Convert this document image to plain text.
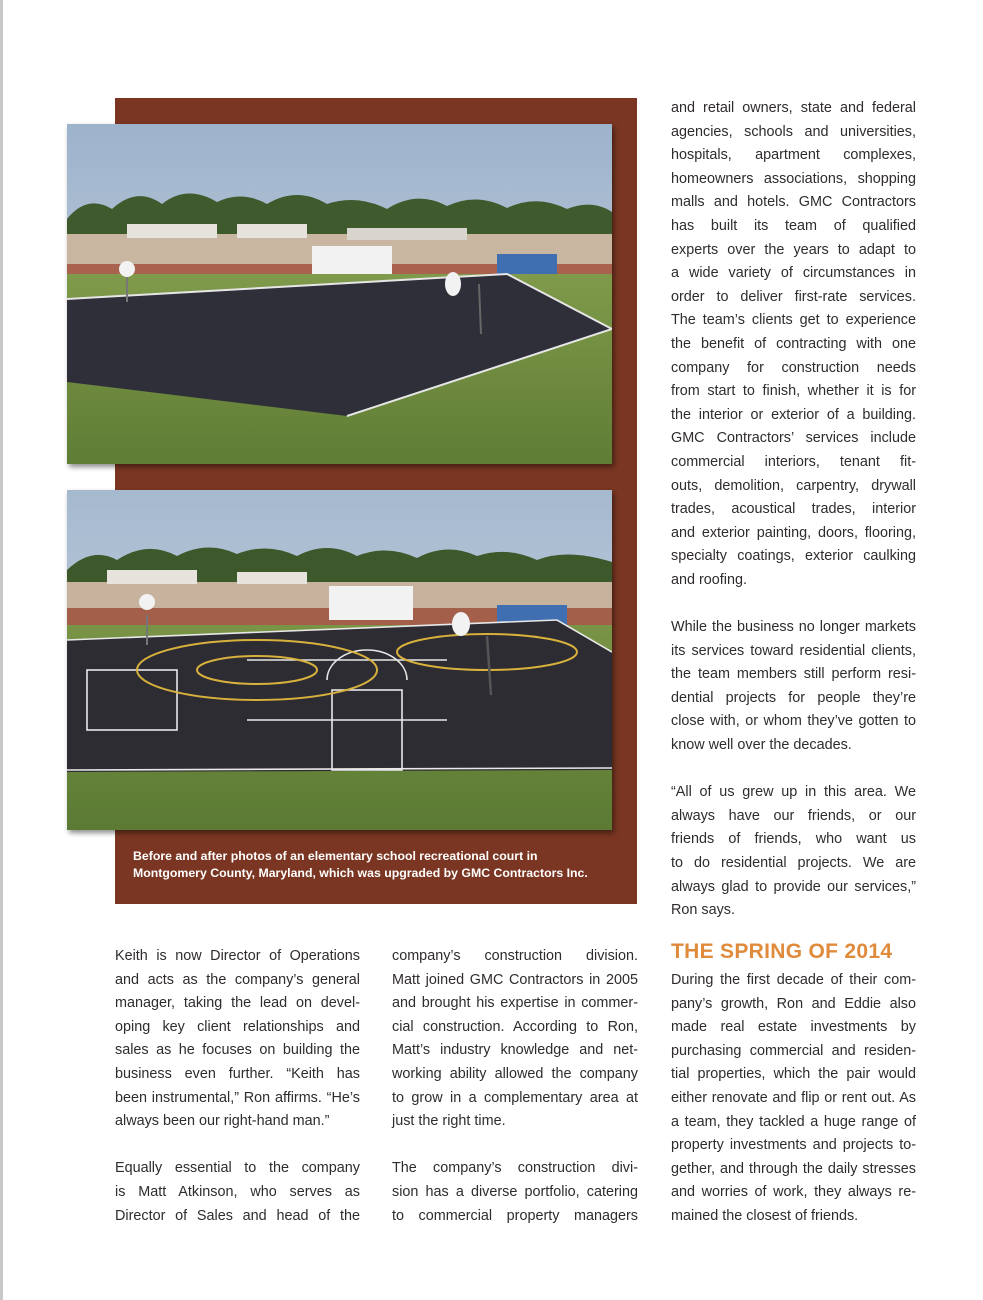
Before and after photos of an elementary school recreational court in
Montgomery County, Maryland, which was upgraded by GMC Contractors Inc.

Keith is now Director of Operations
and acts as the company’s general
manager, taking the lead on devel-
oping key client relationships and
sales as he focuses on building the
business even further. “Keith has
been instrumental,” Ron affirms. “He’s
always been our right-hand man.”

Equally essential to the company
is Matt Atkinson, who serves as
Director of Sales and head of the

company’s construction division.
Matt joined GMC Contractors in 2005
and brought his expertise in commer-
cial construction. According to Ron,
Matt’s industry knowledge and net-
working ability allowed the company
to grow in a complementary area at
just the right time.

The company’s construction divi-
sion has a diverse portfolio, catering
to commercial property managers

and retail owners, state and federal
agencies, schools and universities,
hospitals, apartment complexes,
homeowners associations, shopping
malls and hotels. GMC Contractors
has built its team of qualified
experts over the years to adapt to
a wide variety of circumstances in
order to deliver first-rate services.
The team’s clients get to experience
the benefit of contracting with one
company for construction needs
from start to finish, whether it is for
the interior or exterior of a building.
GMC Contractors’ services include
commercial interiors, tenant fit-
outs, demolition, carpentry, drywall
trades, acoustical trades, interior
and exterior painting, doors, flooring,
specialty coatings, exterior caulking
and roofing.

While the business no longer markets
its services toward residential clients,
the team members still perform resi-
dential projects for people they’re
close with, or whom they’ve gotten to
know well over the decades.

“All of us grew up in this area. We
always have our friends, or our
friends of friends, who want us
to do residential projects. We are
always glad to provide our services,”
Ron says.

THE SPRING OF 2014

During the first decade of their com-
pany’s growth, Ron and Eddie also
made real estate investments by
purchasing commercial and residen-
tial properties, which the pair would
either renovate and flip or rent out. As
a team, they tackled a huge range of
property investments and projects to-
gether, and through the daily stresses
and worries of work, they always re-
mained the closest of friends.
